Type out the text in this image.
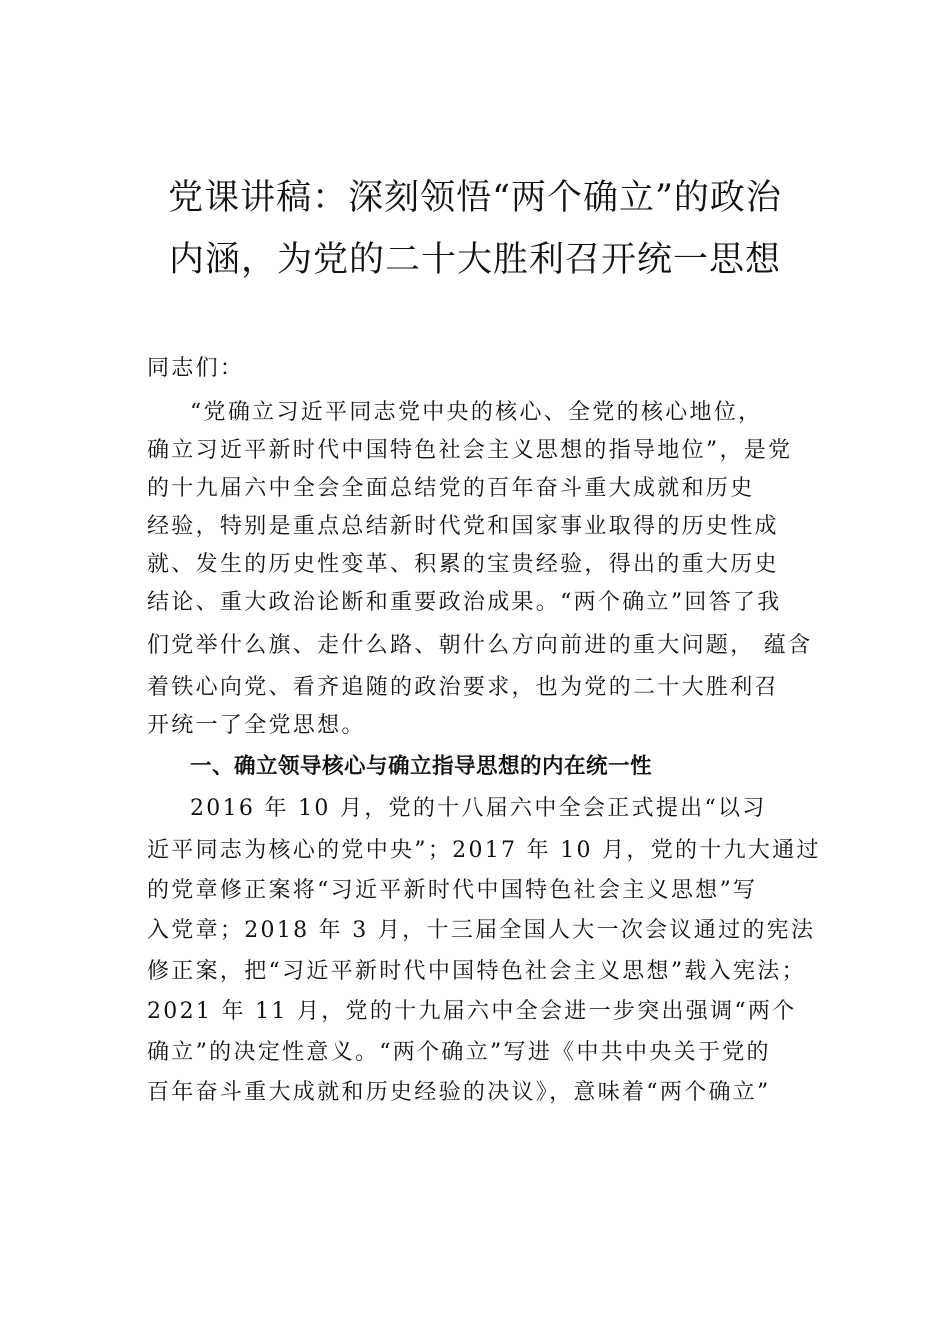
党课讲稿：深刻领悟“两个确立”的政治
内涵，为党的二十大胜利召开统一思想
同志们：
“党确立习近平同志党中央的核心、全党的核心地位，
确立习近平新时代中国特色社会主义思想的指导地位”，是党
的十九届六中全会全面总结党的百年奋斗重大成就和历史
经验，特别是重点总结新时代党和国家事业取得的历史性成
就、发生的历史性变革、积累的宝贵经验，得出的重大历史
结论、重大政治论断和重要政治成果。“两个确立”回答了我
们党举什么旗、走什么路、朝什么方向前进的重大问题， 蕴含
着铁心向党、看齐追随的政治要求，也为党的二十大胜利召
开统一了全党思想。
一、确立领导核心与确立指导思想的内在统一性
2016 年 10 月，党的十八届六中全会正式提出“以习
近平同志为核心的党中央”；2017 年 10 月，党的十九大通过
的党章修正案将“习近平新时代中国特色社会主义思想”写
入党章；2018 年 3 月，十三届全国人大一次会议通过的宪法
修正案，把“习近平新时代中国特色社会主义思想”载入宪法；
2021 年 11 月，党的十九届六中全会进一步突出强调“两个
确立”的决定性意义。“两个确立”写进《中共中央关于党的
百年奋斗重大成就和历史经验的决议》，意味着“两个确立”
